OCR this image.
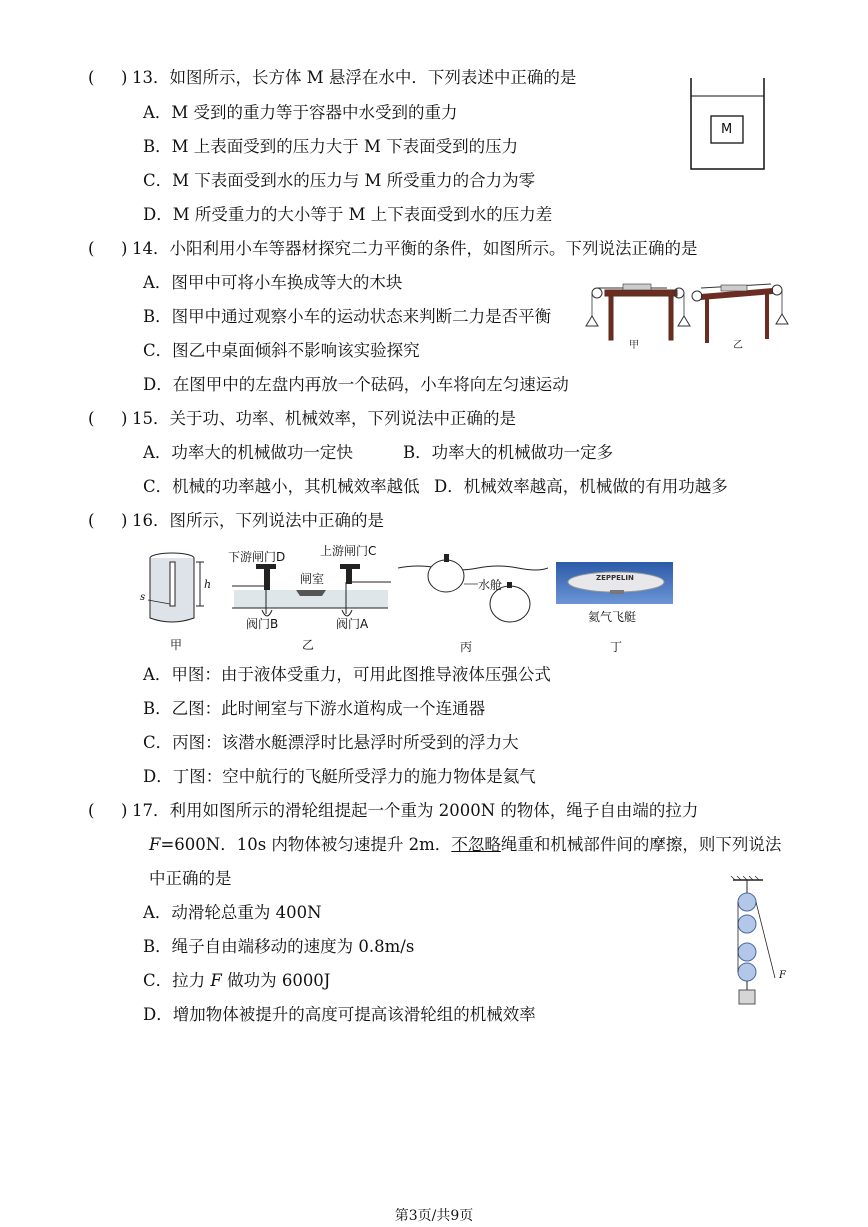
( ) 13．如图所示，长方体 M 悬浮在水中．下列表述中正确的是
A．M 受到的重力等于容器中水受到的重力
B．M 上表面受到的压力大于 M 下表面受到的压力
C．M 下表面受到水的压力与 M 所受重力的合力为零
D．M 所受重力的大小等于 M 上下表面受到水的压力差
M
( ) 14．小阳利用小车等器材探究二力平衡的条件，如图所示。下列说法正确的是
A．图甲中可将小车换成等大的木块
B．图甲中通过观察小车的运动状态来判断二力是否平衡
C．图乙中桌面倾斜不影响该实验探究
D．在图甲中的左盘内再放一个砝码，小车将向左匀速运动
甲	乙
( ) 15．关于功、功率、机械效率，下列说法中正确的是
A．功率大的机械做功一定快	B．功率大的机械做功一定多
C．机械的功率越小，其机械效率越低 D．机械效率越高，机械做的有用功越多
( ) 16．图所示，下列说法中正确的是
h
s
甲
下游闸门D	上游闸门C
闸室
阀门B	阀门A
乙
水舱
丙
ZEPPELIN
氦气飞艇
丁
A．甲图：由于液体受重力，可用此图推导液体压强公式
B．乙图：此时闸室与下游水道构成一个连通器
C．丙图：该潜水艇漂浮时比悬浮时所受到的浮力大
D．丁图：空中航行的飞艇所受浮力的施力物体是氦气
( ) 17．利用如图所示的滑轮组提起一个重为 2000N 的物体，绳子自由端的拉力
F=600N．10s 内物体被匀速提升 2m．不忽略绳重和机械部件间的摩擦，则下列说法
中正确的是
A．动滑轮总重为 400N
B．绳子自由端移动的速度为 0.8m/s
C．拉力 F 做功为 6000J
D．增加物体被提升的高度可提高该滑轮组的机械效率
F
第3页/共9页
